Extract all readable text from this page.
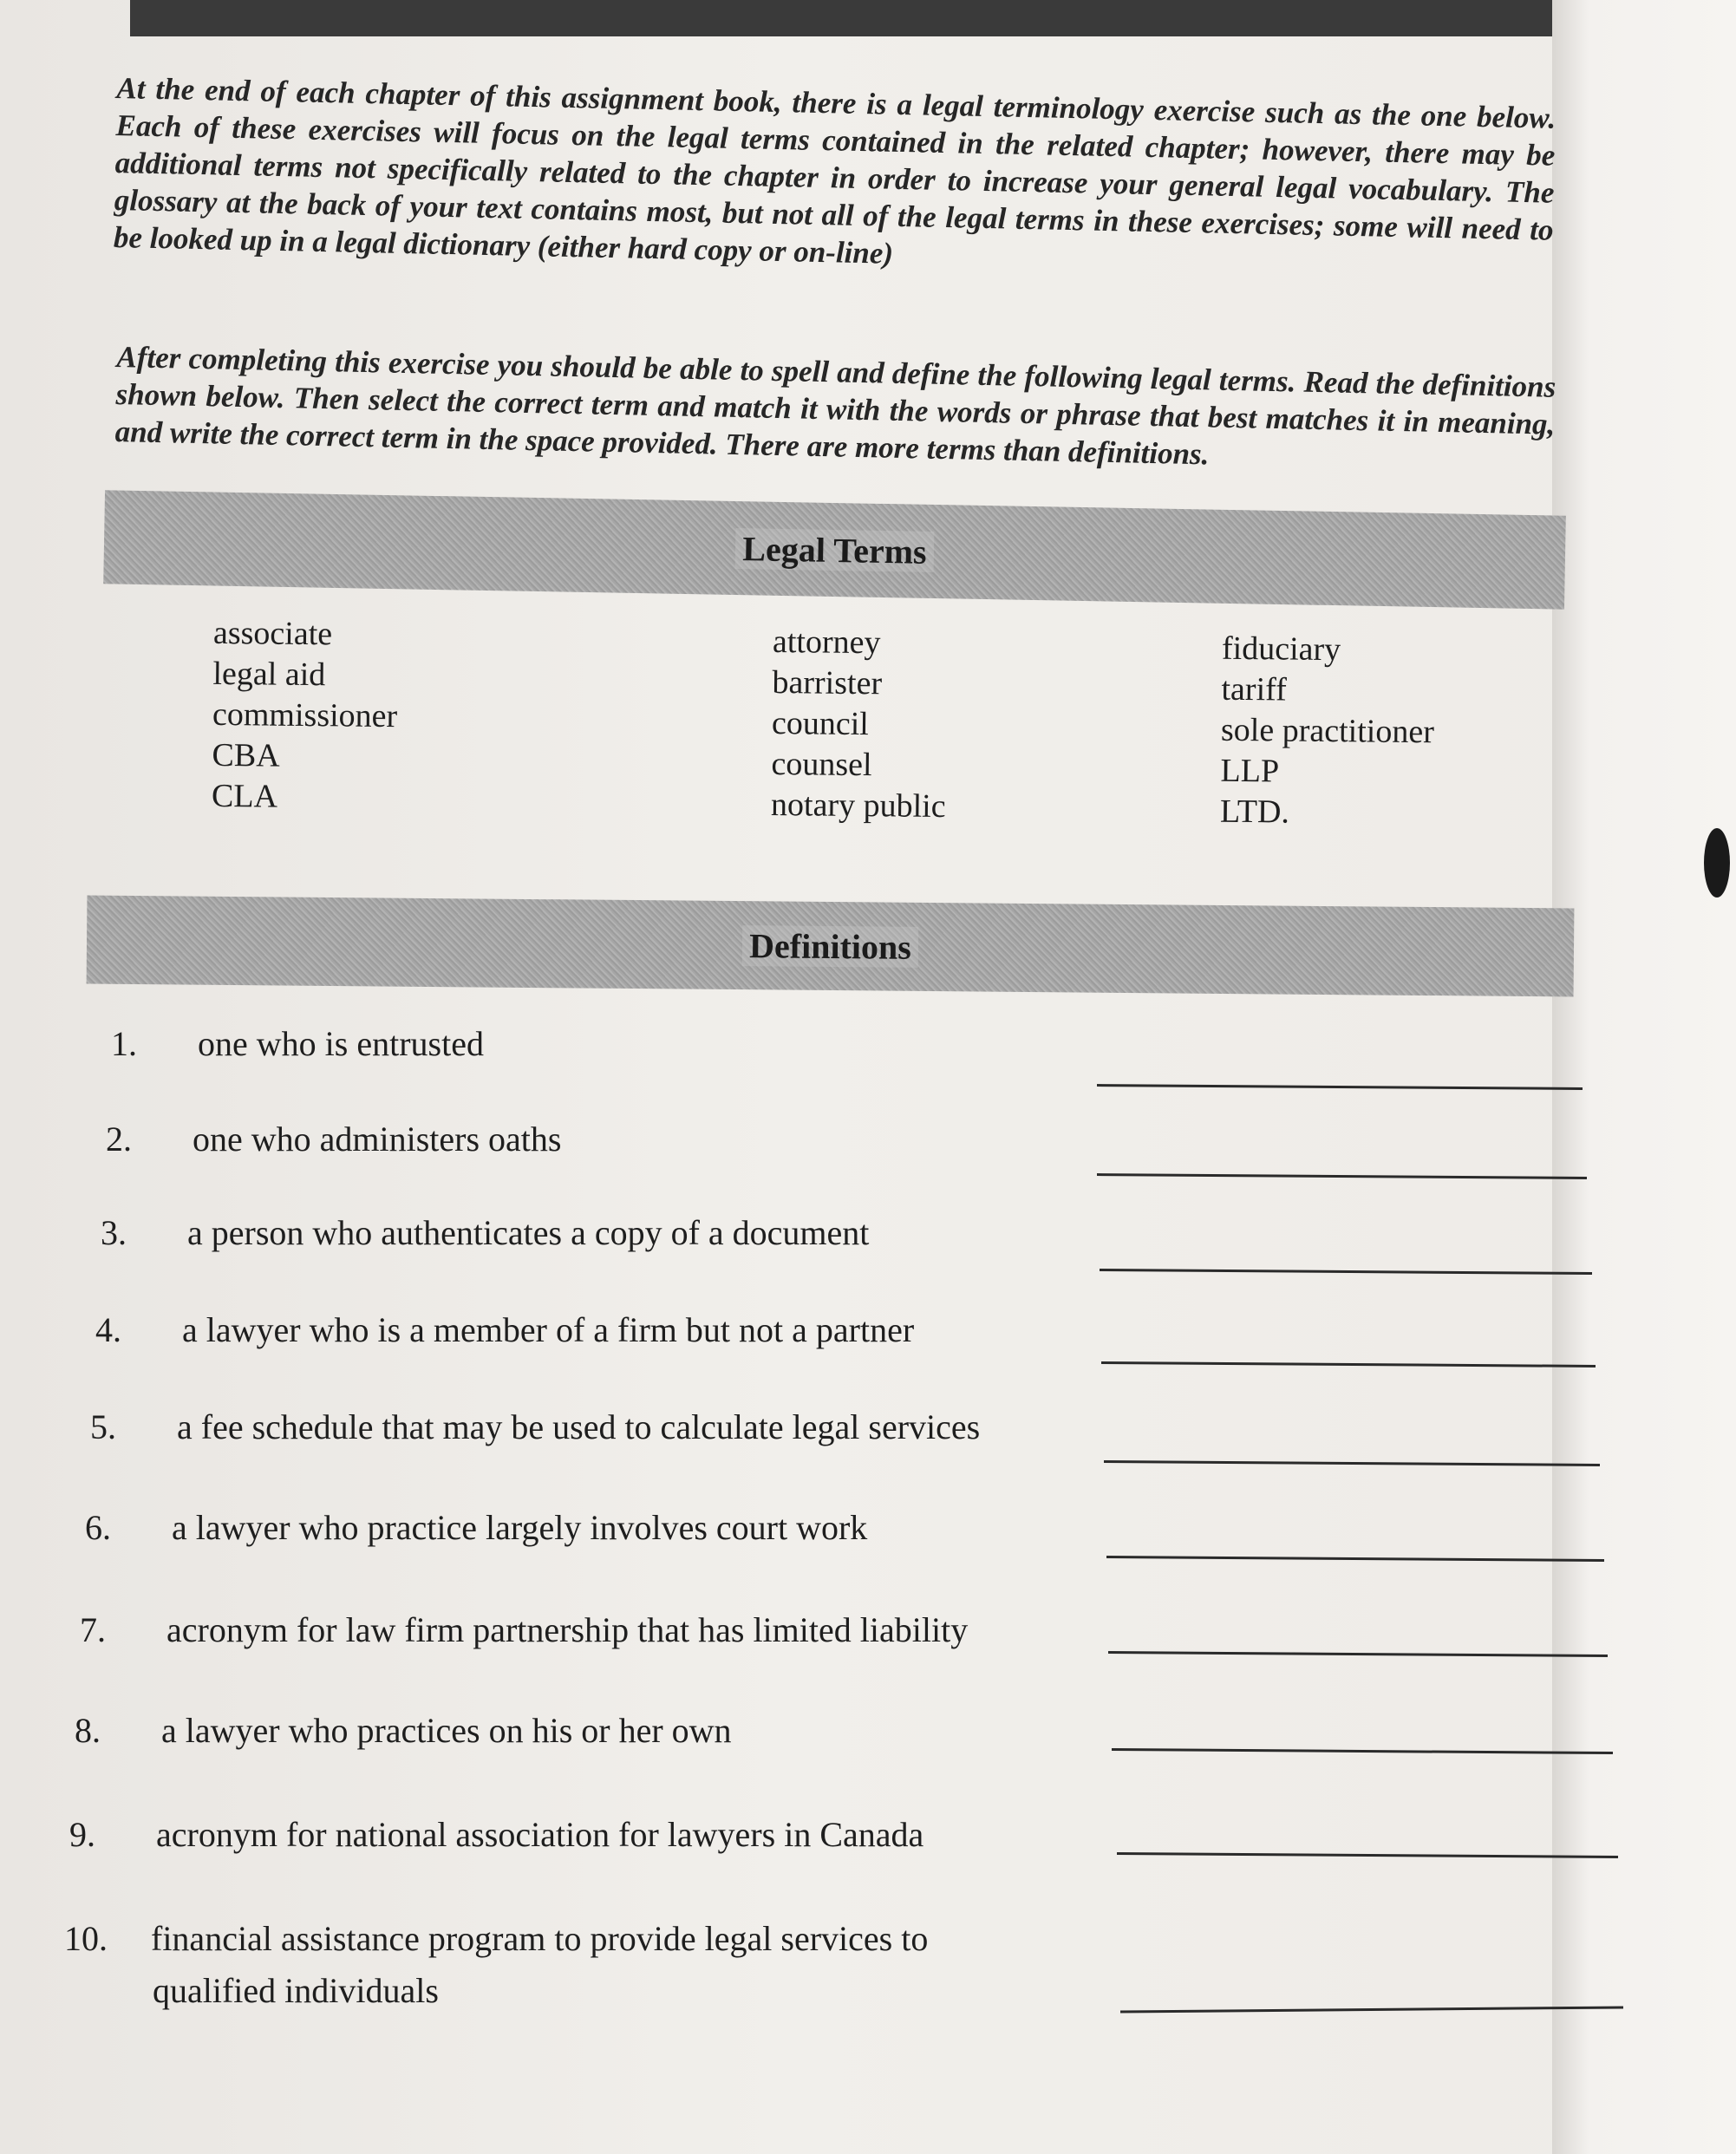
At the end of each chapter of this assignment book, there is a legal terminology exercise such as the one below. Each of these exercises will focus on the legal terms contained in the related chapter; however, there may be additional terms not specifically related to the chapter in order to increase your general legal vocabulary. The glossary at the back of your text contains most, but not all of the legal terms in these exercises; some will need to be looked up in a legal dictionary (either hard copy or on-line)

After completing this exercise you should be able to spell and define the following legal terms. Read the definitions shown below. Then select the correct term and match it with the words or phrase that best matches it in meaning, and write the correct term in the space provided. There are more terms than definitions.

Legal Terms
associate
legal aid
commissioner
CBA
CLA
attorney
barrister
council
counsel
notary public
fiduciary
tariff
sole practitioner
LLP
LTD.
Definitions
1. one who is entrusted
2. one who administers oaths
3. a person who authenticates a copy of a document
4. a lawyer who is a member of a firm but not a partner
5. a fee schedule that may be used to calculate legal services
6. a lawyer who practice largely involves court work
7. acronym for law firm partnership that has limited liability
8. a lawyer who practices on his or her own
9. acronym for national association for lawyers in Canada
10. financial assistance program to provide legal services to
qualified individuals
